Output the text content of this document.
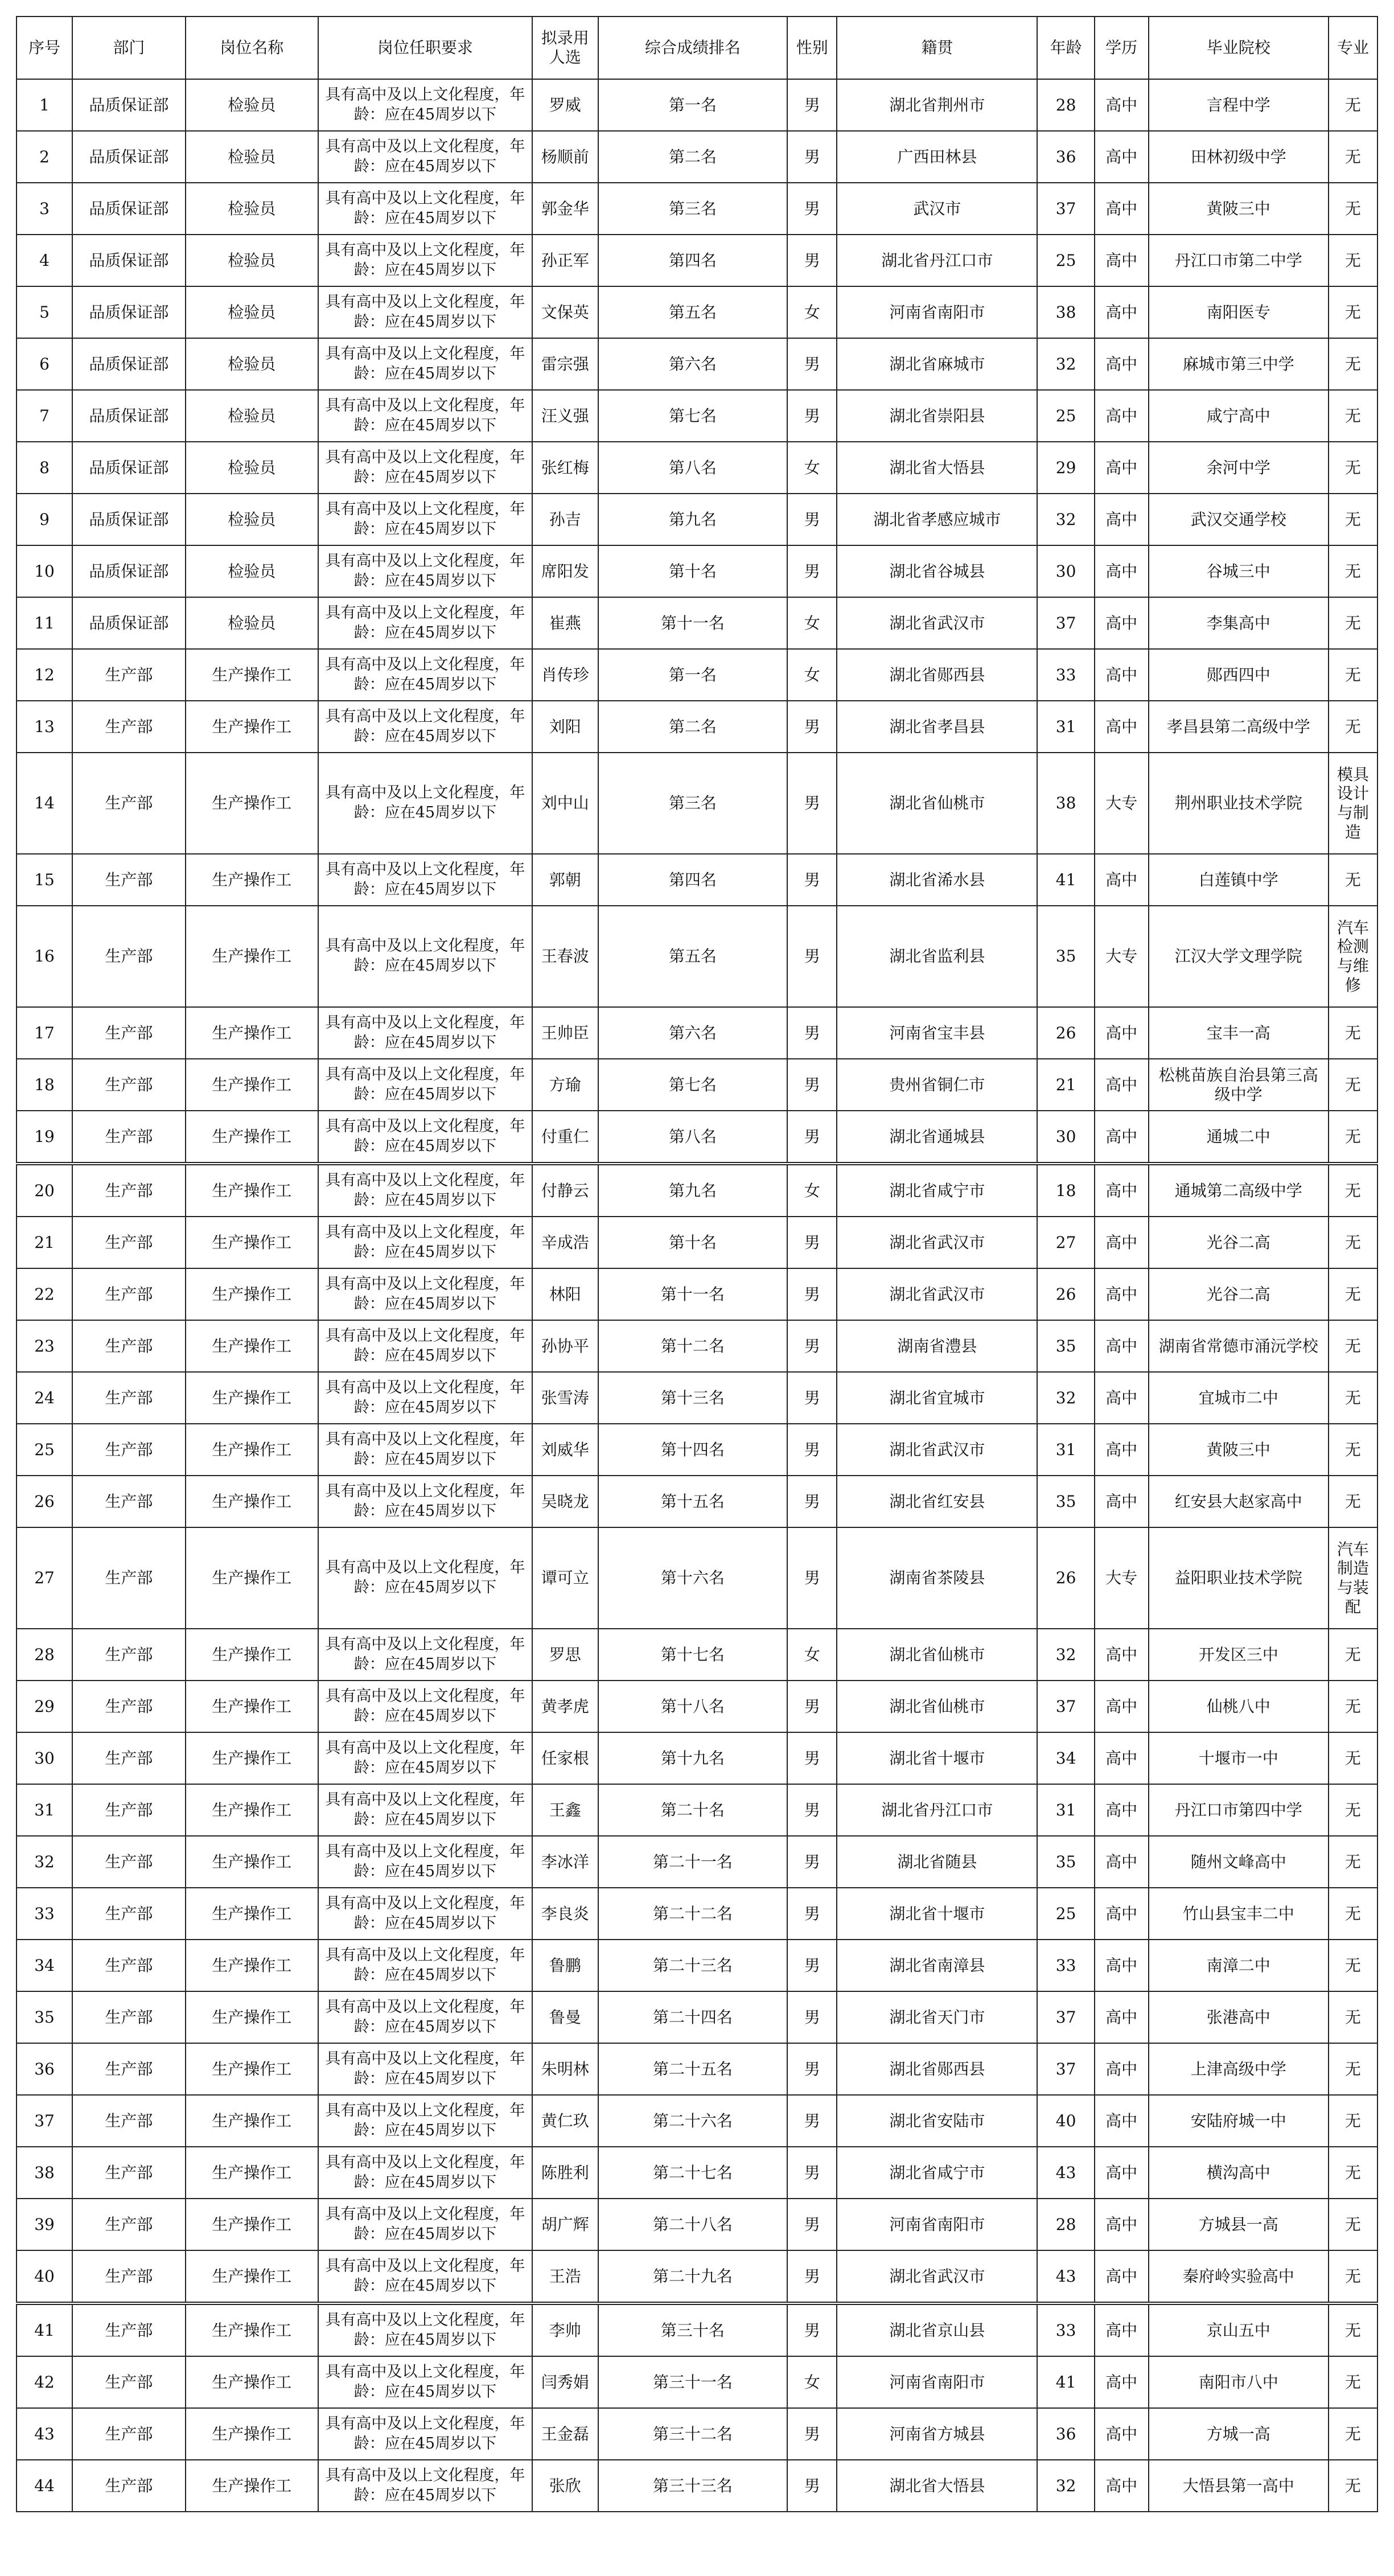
序号	部门	岗位名称	岗位任职要求	拟录用人选	综合成绩排名	性别	籍贯	年龄	学历	毕业院校	专业
1	品质保证部	检验员	具有高中及以上文化程度，年龄：应在45周岁以下	罗威	第一名	男	湖北省荆州市	28	高中	言程中学	无
2	品质保证部	检验员	具有高中及以上文化程度，年龄：应在45周岁以下	杨顺前	第二名	男	广西田林县	36	高中	田林初级中学	无
3	品质保证部	检验员	具有高中及以上文化程度，年龄：应在45周岁以下	郭金华	第三名	男	武汉市	37	高中	黄陂三中	无
4	品质保证部	检验员	具有高中及以上文化程度，年龄：应在45周岁以下	孙正军	第四名	男	湖北省丹江口市	25	高中	丹江口市第二中学	无
5	品质保证部	检验员	具有高中及以上文化程度，年龄：应在45周岁以下	文保英	第五名	女	河南省南阳市	38	高中	南阳医专	无
6	品质保证部	检验员	具有高中及以上文化程度，年龄：应在45周岁以下	雷宗强	第六名	男	湖北省麻城市	32	高中	麻城市第三中学	无
7	品质保证部	检验员	具有高中及以上文化程度，年龄：应在45周岁以下	汪义强	第七名	男	湖北省崇阳县	25	高中	咸宁高中	无
8	品质保证部	检验员	具有高中及以上文化程度，年龄：应在45周岁以下	张红梅	第八名	女	湖北省大悟县	29	高中	余河中学	无
9	品质保证部	检验员	具有高中及以上文化程度，年龄：应在45周岁以下	孙吉	第九名	男	湖北省孝感应城市	32	高中	武汉交通学校	无
10	品质保证部	检验员	具有高中及以上文化程度，年龄：应在45周岁以下	席阳发	第十名	男	湖北省谷城县	30	高中	谷城三中	无
11	品质保证部	检验员	具有高中及以上文化程度，年龄：应在45周岁以下	崔燕	第十一名	女	湖北省武汉市	37	高中	李集高中	无
12	生产部	生产操作工	具有高中及以上文化程度，年龄：应在45周岁以下	肖传珍	第一名	女	湖北省郧西县	33	高中	郧西四中	无
13	生产部	生产操作工	具有高中及以上文化程度，年龄：应在45周岁以下	刘阳	第二名	男	湖北省孝昌县	31	高中	孝昌县第二高级中学	无
14	生产部	生产操作工	具有高中及以上文化程度，年龄：应在45周岁以下	刘中山	第三名	男	湖北省仙桃市	38	大专	荆州职业技术学院	模具设计与制造
15	生产部	生产操作工	具有高中及以上文化程度，年龄：应在45周岁以下	郭朝	第四名	男	湖北省浠水县	41	高中	白莲镇中学	无
16	生产部	生产操作工	具有高中及以上文化程度，年龄：应在45周岁以下	王春波	第五名	男	湖北省监利县	35	大专	江汉大学文理学院	汽车检测与维修
17	生产部	生产操作工	具有高中及以上文化程度，年龄：应在45周岁以下	王帅臣	第六名	男	河南省宝丰县	26	高中	宝丰一高	无
18	生产部	生产操作工	具有高中及以上文化程度，年龄：应在45周岁以下	方瑜	第七名	男	贵州省铜仁市	21	高中	松桃苗族自治县第三高级中学	无
19	生产部	生产操作工	具有高中及以上文化程度，年龄：应在45周岁以下	付重仁	第八名	男	湖北省通城县	30	高中	通城二中	无
20	生产部	生产操作工	具有高中及以上文化程度，年龄：应在45周岁以下	付静云	第九名	女	湖北省咸宁市	18	高中	通城第二高级中学	无
21	生产部	生产操作工	具有高中及以上文化程度，年龄：应在45周岁以下	辛成浩	第十名	男	湖北省武汉市	27	高中	光谷二高	无
22	生产部	生产操作工	具有高中及以上文化程度，年龄：应在45周岁以下	林阳	第十一名	男	湖北省武汉市	26	高中	光谷二高	无
23	生产部	生产操作工	具有高中及以上文化程度，年龄：应在45周岁以下	孙协平	第十二名	男	湖南省澧县	35	高中	湖南省常德市涌沅学校	无
24	生产部	生产操作工	具有高中及以上文化程度，年龄：应在45周岁以下	张雪涛	第十三名	男	湖北省宜城市	32	高中	宜城市二中	无
25	生产部	生产操作工	具有高中及以上文化程度，年龄：应在45周岁以下	刘威华	第十四名	男	湖北省武汉市	31	高中	黄陂三中	无
26	生产部	生产操作工	具有高中及以上文化程度，年龄：应在45周岁以下	吴晓龙	第十五名	男	湖北省红安县	35	高中	红安县大赵家高中	无
27	生产部	生产操作工	具有高中及以上文化程度，年龄：应在45周岁以下	谭可立	第十六名	男	湖南省茶陵县	26	大专	益阳职业技术学院	汽车制造与装配
28	生产部	生产操作工	具有高中及以上文化程度，年龄：应在45周岁以下	罗思	第十七名	女	湖北省仙桃市	32	高中	开发区三中	无
29	生产部	生产操作工	具有高中及以上文化程度，年龄：应在45周岁以下	黄孝虎	第十八名	男	湖北省仙桃市	37	高中	仙桃八中	无
30	生产部	生产操作工	具有高中及以上文化程度，年龄：应在45周岁以下	任家根	第十九名	男	湖北省十堰市	34	高中	十堰市一中	无
31	生产部	生产操作工	具有高中及以上文化程度，年龄：应在45周岁以下	王鑫	第二十名	男	湖北省丹江口市	31	高中	丹江口市第四中学	无
32	生产部	生产操作工	具有高中及以上文化程度，年龄：应在45周岁以下	李冰洋	第二十一名	男	湖北省随县	35	高中	随州文峰高中	无
33	生产部	生产操作工	具有高中及以上文化程度，年龄：应在45周岁以下	李良炎	第二十二名	男	湖北省十堰市	25	高中	竹山县宝丰二中	无
34	生产部	生产操作工	具有高中及以上文化程度，年龄：应在45周岁以下	鲁鹏	第二十三名	男	湖北省南漳县	33	高中	南漳二中	无
35	生产部	生产操作工	具有高中及以上文化程度，年龄：应在45周岁以下	鲁曼	第二十四名	男	湖北省天门市	37	高中	张港高中	无
36	生产部	生产操作工	具有高中及以上文化程度，年龄：应在45周岁以下	朱明林	第二十五名	男	湖北省郧西县	37	高中	上津高级中学	无
37	生产部	生产操作工	具有高中及以上文化程度，年龄：应在45周岁以下	黄仁玖	第二十六名	男	湖北省安陆市	40	高中	安陆府城一中	无
38	生产部	生产操作工	具有高中及以上文化程度，年龄：应在45周岁以下	陈胜利	第二十七名	男	湖北省咸宁市	43	高中	横沟高中	无
39	生产部	生产操作工	具有高中及以上文化程度，年龄：应在45周岁以下	胡广辉	第二十八名	男	河南省南阳市	28	高中	方城县一高	无
40	生产部	生产操作工	具有高中及以上文化程度，年龄：应在45周岁以下	王浩	第二十九名	男	湖北省武汉市	43	高中	秦府岭实验高中	无
41	生产部	生产操作工	具有高中及以上文化程度，年龄：应在45周岁以下	李帅	第三十名	男	湖北省京山县	33	高中	京山五中	无
42	生产部	生产操作工	具有高中及以上文化程度，年龄：应在45周岁以下	闫秀娟	第三十一名	女	河南省南阳市	41	高中	南阳市八中	无
43	生产部	生产操作工	具有高中及以上文化程度，年龄：应在45周岁以下	王金磊	第三十二名	男	河南省方城县	36	高中	方城一高	无
44	生产部	生产操作工	具有高中及以上文化程度，年龄：应在45周岁以下	张欣	第三十三名	男	湖北省大悟县	32	高中	大悟县第一高中	无
